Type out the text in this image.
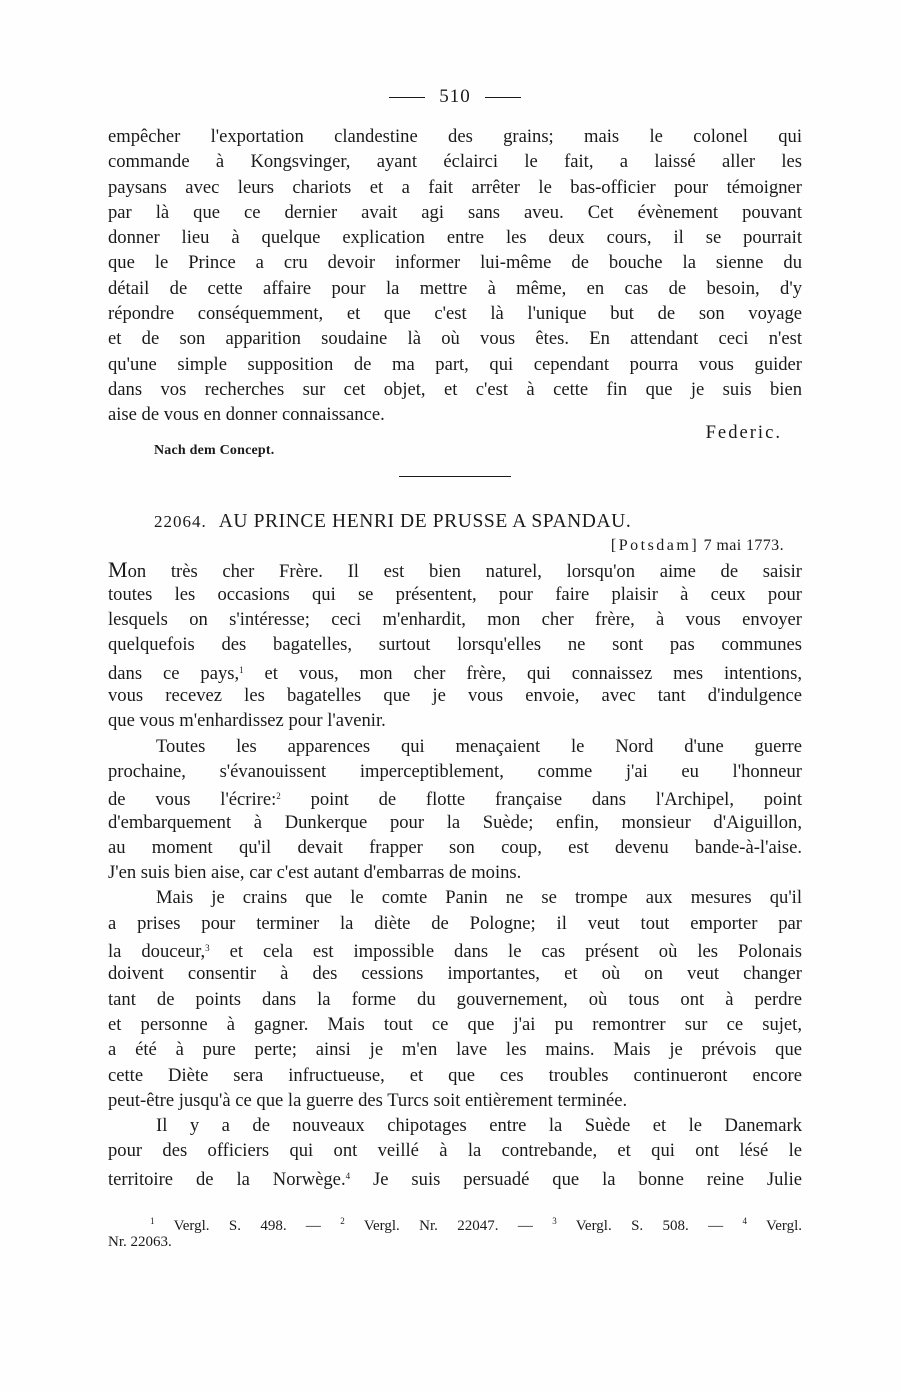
510
empêcher l'exportation clandestine des grains; mais le colonel qui
commande à Kongsvinger, ayant éclairci le fait, a laissé aller les
paysans avec leurs chariots et a fait arrêter le bas-officier pour témoigner
par là que ce dernier avait agi sans aveu. Cet évènement pouvant
donner lieu à quelque explication entre les deux cours, il se pourrait
que le Prince a cru devoir informer lui-même de bouche la sienne du
détail de cette affaire pour la mettre à même, en cas de besoin, d'y
répondre conséquemment, et que c'est là l'unique but de son voyage
et de son apparition soudaine là où vous êtes. En attendant ceci n'est
qu'une simple supposition de ma part, qui cependant pourra vous guider
dans vos recherches sur cet objet, et c'est à cette fin que je suis bien
aise de vous en donner connaissance.
Nach dem Concept.
Federic.
22064. AU PRINCE HENRI DE PRUSSE A SPANDAU.
[Potsdam] 7 mai 1773.
Mon très cher Frère. Il est bien naturel, lorsqu'on aime de saisir
toutes les occasions qui se présentent, pour faire plaisir à ceux pour
lesquels on s'intéresse; ceci m'enhardit, mon cher frère, à vous envoyer
quelquefois des bagatelles, surtout lorsqu'elles ne sont pas communes
dans ce pays,$^1$ et vous, mon cher frère, qui connaissez mes intentions,
vous recevez les bagatelles que je vous envoie, avec tant d'indulgence
que vous m'enhardissez pour l'avenir.
Toutes les apparences qui menaçaient le Nord d'une guerre
prochaine, s'évanouissent imperceptiblement, comme j'ai eu l'honneur
de vous l'écrire:$^2$ point de flotte française dans l'Archipel, point
d'embarquement à Dunkerque pour la Suède; enfin, monsieur d'Aiguillon,
au moment qu'il devait frapper son coup, est devenu bande-à-l'aise.
J'en suis bien aise, car c'est autant d'embarras de moins.
Mais je crains que le comte Panin ne se trompe aux mesures qu'il
a prises pour terminer la diète de Pologne; il veut tout emporter par
la douceur,$^3$ et cela est impossible dans le cas présent où les Polonais
doivent consentir à des cessions importantes, et où on veut changer
tant de points dans la forme du gouvernement, où tous ont à perdre
et personne à gagner. Mais tout ce que j'ai pu remontrer sur ce sujet,
a été à pure perte; ainsi je m'en lave les mains. Mais je prévois que
cette Diète sera infructueuse, et que ces troubles continueront encore
peut-être jusqu'à ce que la guerre des Turcs soit entièrement terminée.
Il y a de nouveaux chipotages entre la Suède et le Danemark
pour des officiers qui ont veillé à la contrebande, et qui ont lésé le
territoire de la Norwège.$^4$ Je suis persuadé que la bonne reine Julie
$^1$ Vergl. S. 498. — $^2$ Vergl. Nr. 22047. — $^3$ Vergl. S. 508. — $^4$ Vergl.
Nr. 22063.
